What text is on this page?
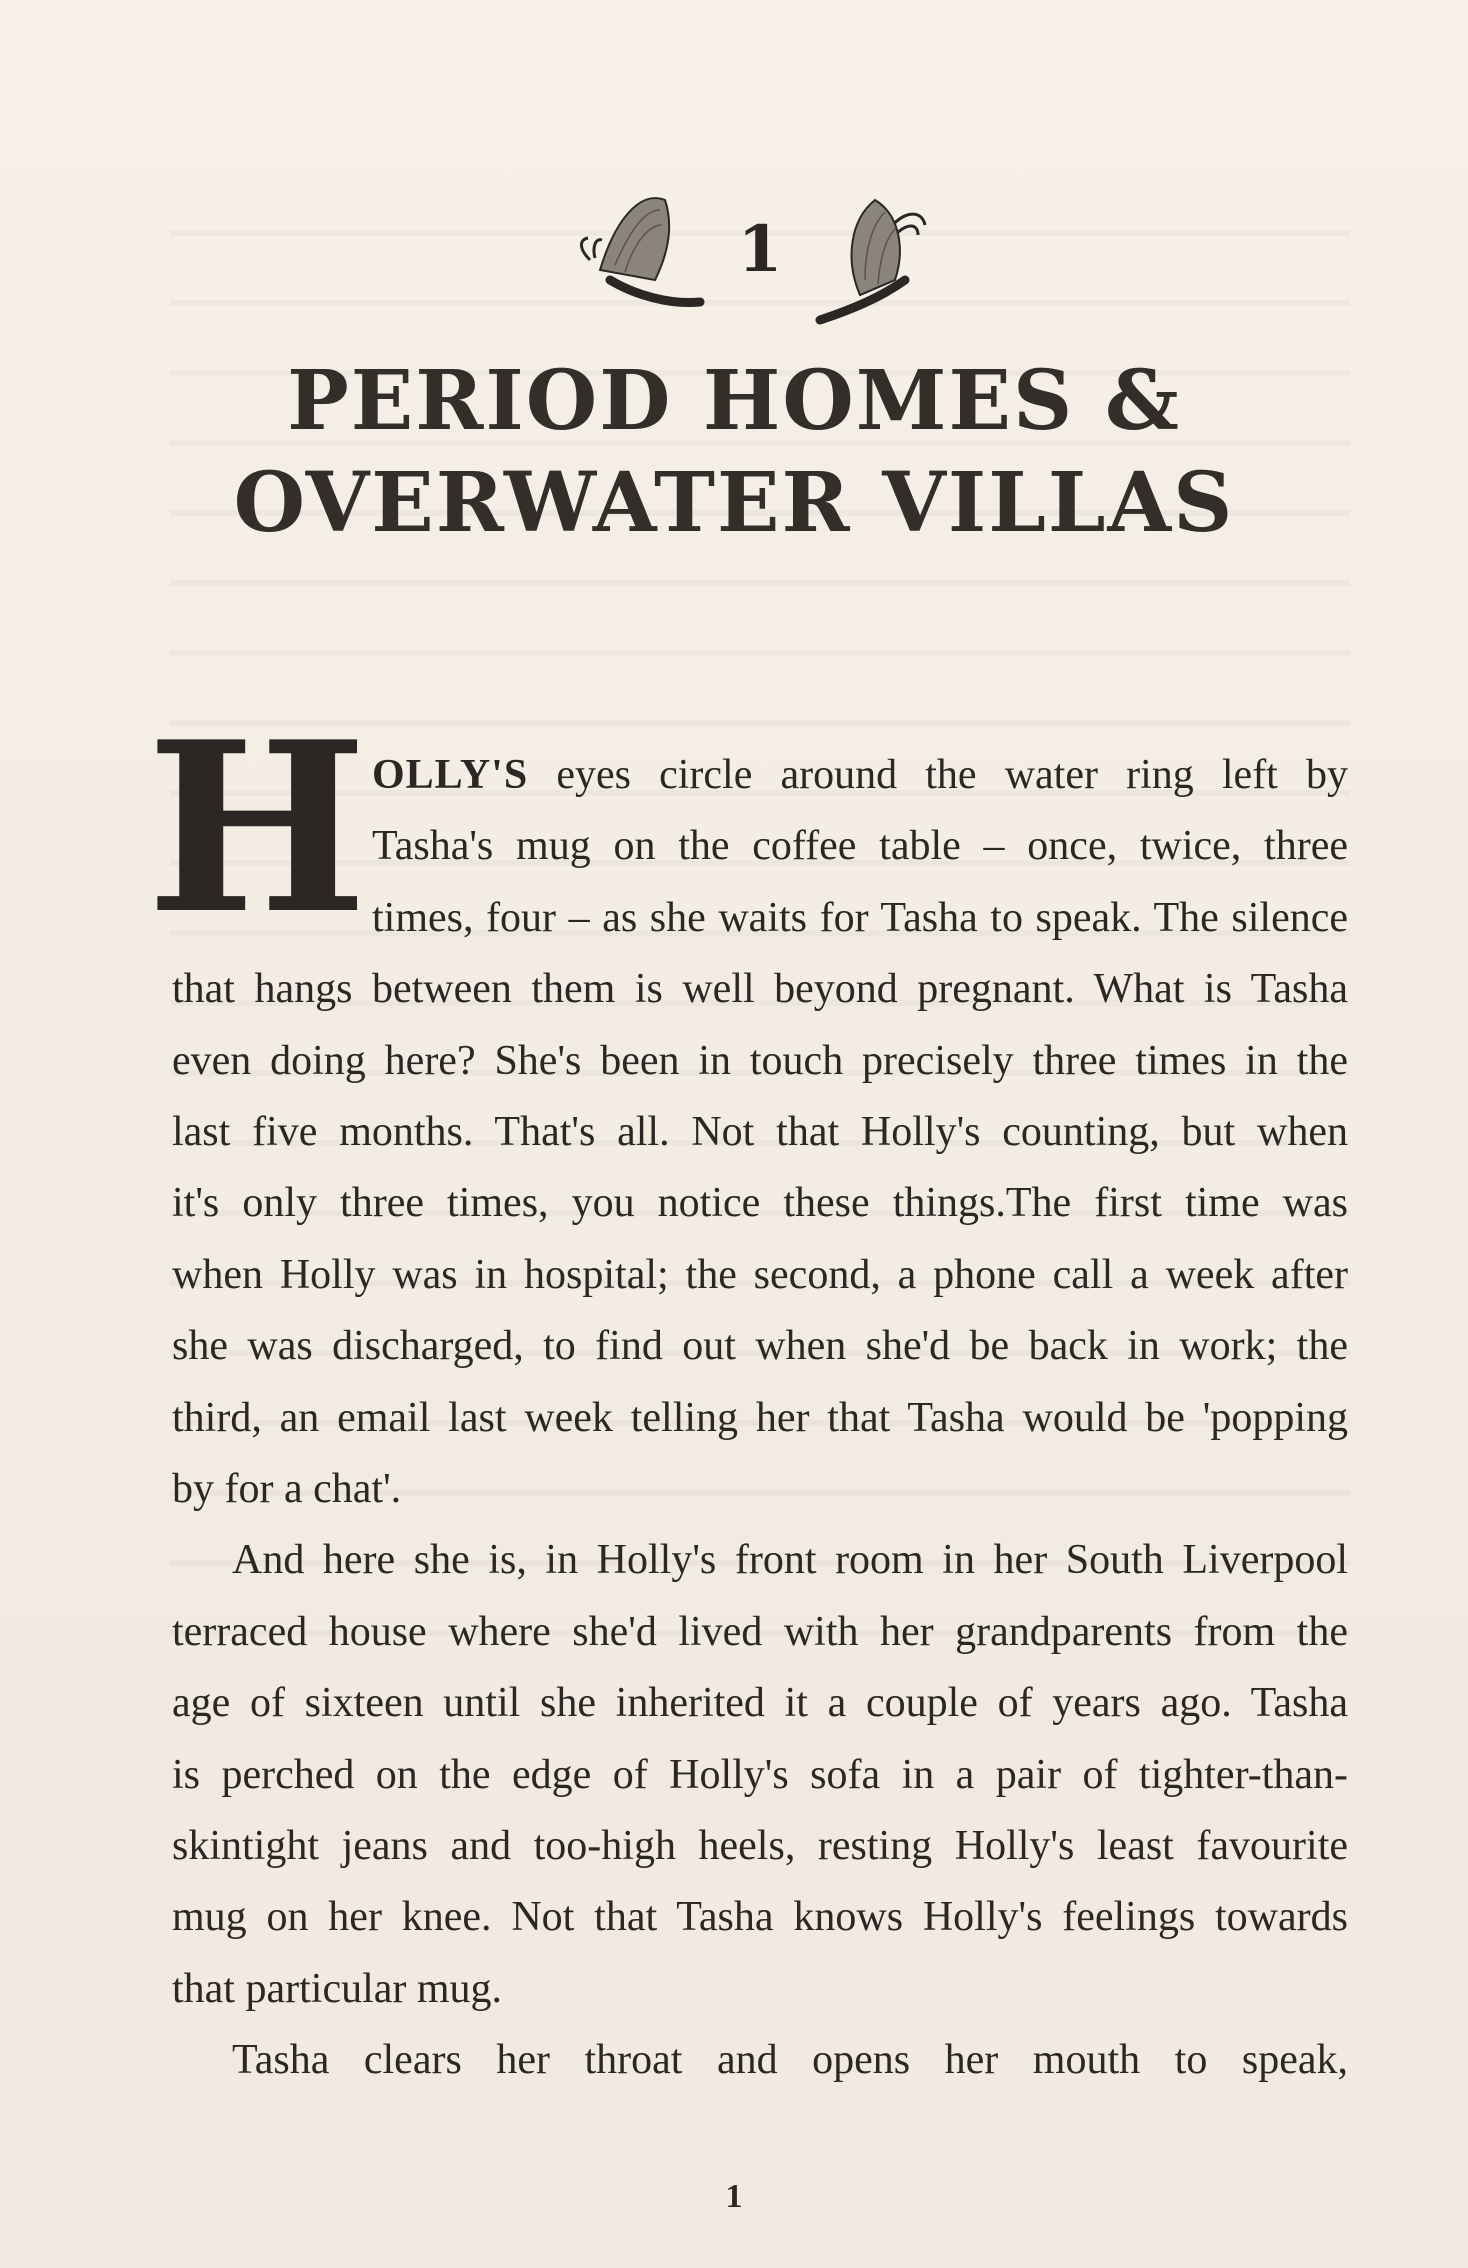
1
PERIOD HOMES &
OVERWATER VILLAS
H OLLY'S eyes circle around the water ring left by
Tasha's mug on the coffee table – once, twice, three
times, four – as she waits for Tasha to speak. The silence
that hangs between them is well beyond pregnant. What is Tasha
even doing here? She's been in touch precisely three times in the
last five months. That's all. Not that Holly's counting, but when
it's only three times, you notice these things.The first time was
when Holly was in hospital; the second, a phone call a week after
she was discharged, to find out when she'd be back in work; the
third, an email last week telling her that Tasha would be 'popping
by for a chat'.
And here she is, in Holly's front room in her South Liverpool
terraced house where she'd lived with her grandparents from the
age of sixteen until she inherited it a couple of years ago. Tasha
is perched on the edge of Holly's sofa in a pair of tighter-than-
skintight jeans and too-high heels, resting Holly's least favourite
mug on her knee. Not that Tasha knows Holly's feelings towards
that particular mug.
Tasha clears her throat and opens her mouth to speak,
1
